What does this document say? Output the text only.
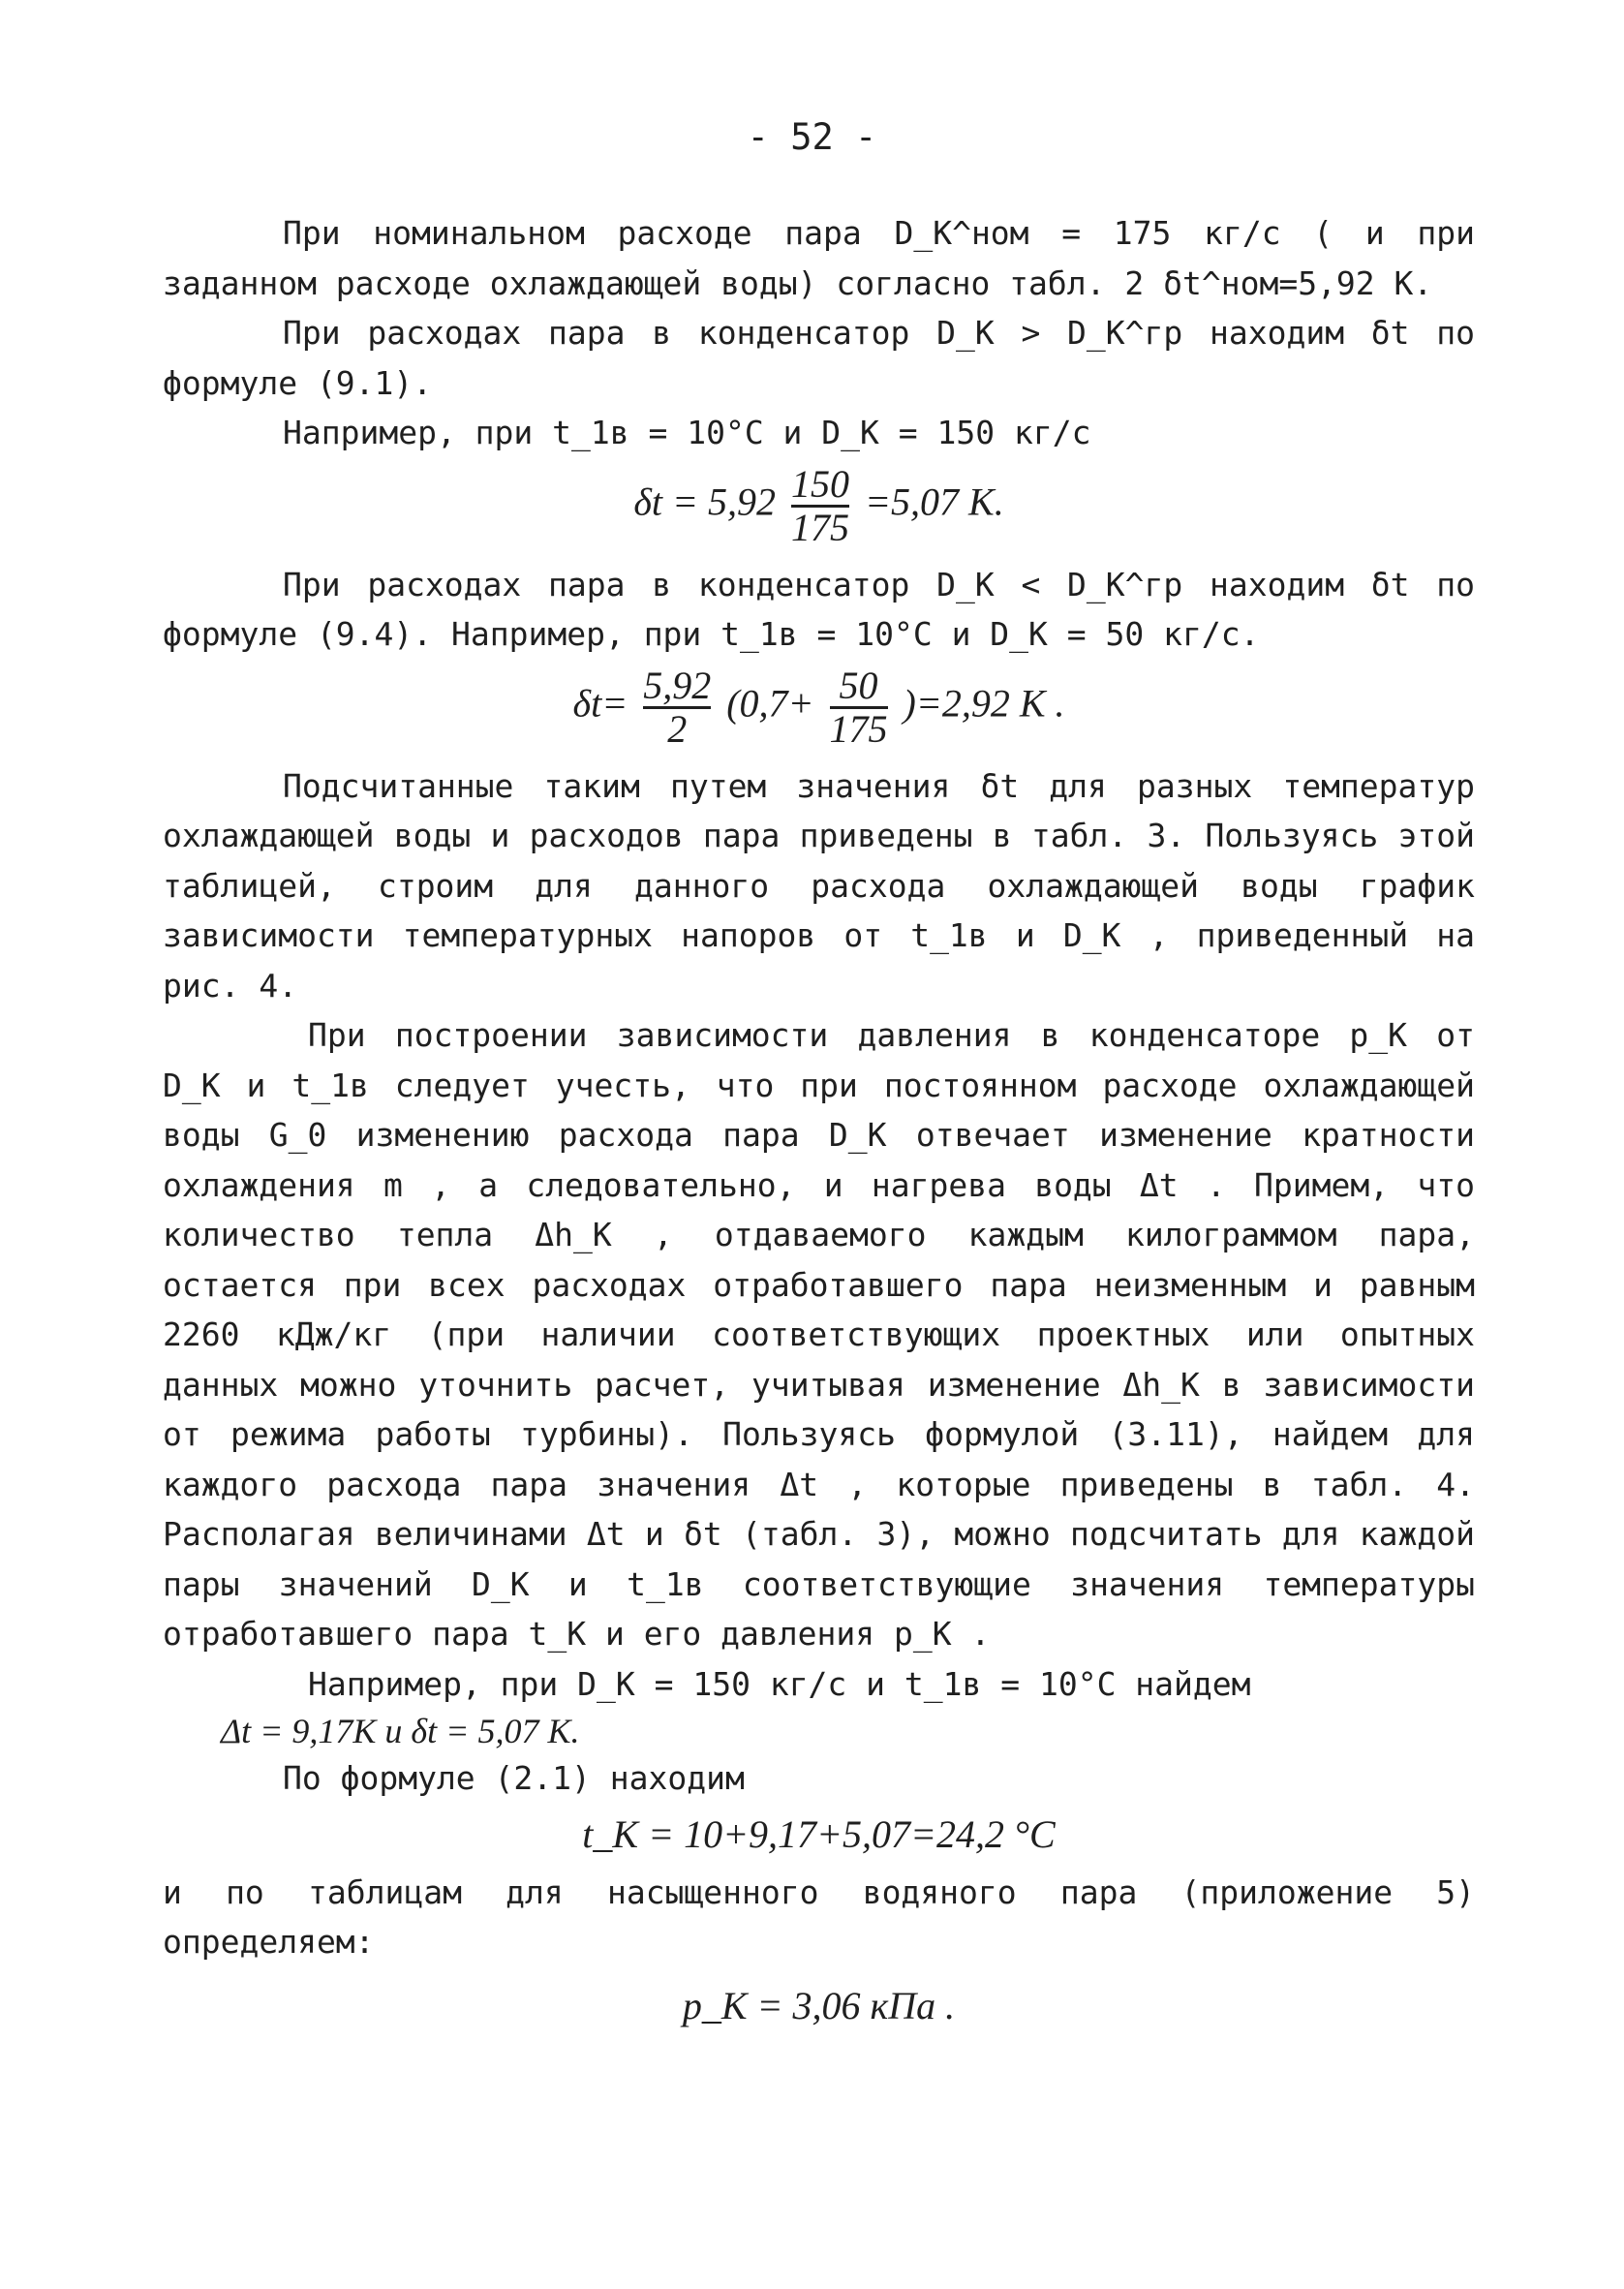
- 52 -

При номинальном расходе пара D_K^ном = 175 кг/с ( и при заданном расходе охлаждающей воды) согласно табл. 2 δt^ном=5,92 K.

При расходах пара в конденсатор D_K > D_K^гр находим δt по формуле (9.1).

Например, при t_1в = 10°C и D_K = 150 кг/с

$\delta t = 5,92 \frac{150}{175} =5,07$ K.

При расходах пара в конденсатор D_K < D_K^гр находим δt по формуле (9.4). Например, при t_1в = 10°C и D_K = 50 кг/с.

$\delta t= \frac{5,92}{2} (0,7+ \frac{50}{175} )=2,92$ K .

Подсчитанные таким путем значения δt для разных температур охлаждающей воды и расходов пара приведены в табл. 3. Пользуясь этой таблицей, строим для данного расхода охлаждающей воды график зависимости температурных напоров от t_1в и D_K , приведенный на рис. 4.

При построении зависимости давления в конденсаторе p_K от D_K и t_1в следует учесть, что при постоянном расходе охлаждающей воды G_0 изменению расхода пара D_K отвечает изменение кратности охлаждения m , а следовательно, и нагрева воды Δt . Примем, что количество тепла Δh_K , отдаваемого каждым килограммом пара, остается при всех расходах отработавшего пара неизменным и равным 2260 кДж/кг (при наличии соответствующих проектных или опытных данных можно уточнить расчет, учитывая изменение Δh_K в зависимости от режима работы турбины). Пользуясь формулой (3.11), найдем для каждого расхода пара значения Δt , которые приведены в табл. 4. Располагая величинами Δt и δt (табл. 3), можно подсчитать для каждой пары значений D_K и t_1в соответствующие значения температуры отработавшего пара t_K и его давления p_K .

Например, при D_K = 150 кг/с и t_1в = 10°C найдем

Δt = 9,17K и δt = 5,07 K.

По формуле (2.1) находим

t_K = 10+9,17+5,07=24,2 °C

и по таблицам для насыщенного водяного пара (приложение 5) определяем:

p_K = 3,06 кПа .
